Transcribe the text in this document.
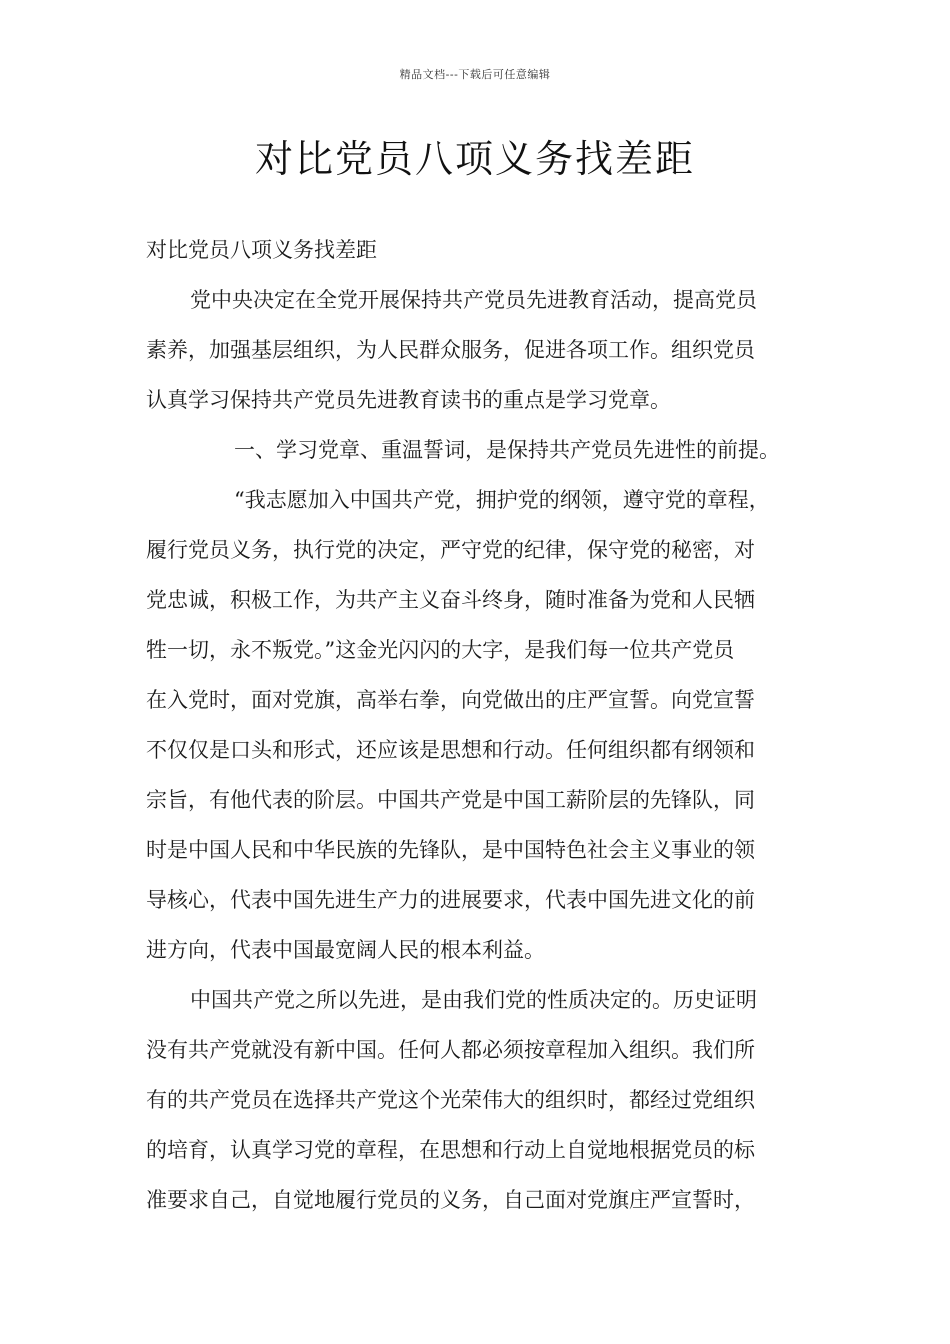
精品文档---下载后可任意编辑
对比党员八项义务找差距
对比党员八项义务找差距
党中央决定在全党开展保持共产党员先进教育活动，提高党员
素养，加强基层组织，为人民群众服务，促进各项工作。组织党员
认真学习保持共产党员先进教育读书的重点是学习党章。
一、学习党章、重温誓词，是保持共产党员先进性的前提。
“我志愿加入中国共产党，拥护党的纲领，遵守党的章程，
履行党员义务，执行党的决定，严守党的纪律，保守党的秘密，对
党忠诚，积极工作，为共产主义奋斗终身，随时准备为党和人民牺
牲一切，永不叛党。”这金光闪闪的大字，是我们每一位共产党员
在入党时，面对党旗，高举右拳，向党做出的庄严宣誓。向党宣誓
不仅仅是口头和形式，还应该是思想和行动。任何组织都有纲领和
宗旨，有他代表的阶层。中国共产党是中国工薪阶层的先锋队，同
时是中国人民和中华民族的先锋队，是中国特色社会主义事业的领
导核心，代表中国先进生产力的进展要求，代表中国先进文化的前
进方向，代表中国最宽阔人民的根本利益。
中国共产党之所以先进，是由我们党的性质决定的。历史证明
没有共产党就没有新中国。任何人都必须按章程加入组织。我们所
有的共产党员在选择共产党这个光荣伟大的组织时，都经过党组织
的培育，认真学习党的章程，在思想和行动上自觉地根据党员的标
准要求自己，自觉地履行党员的义务，自己面对党旗庄严宣誓时，
